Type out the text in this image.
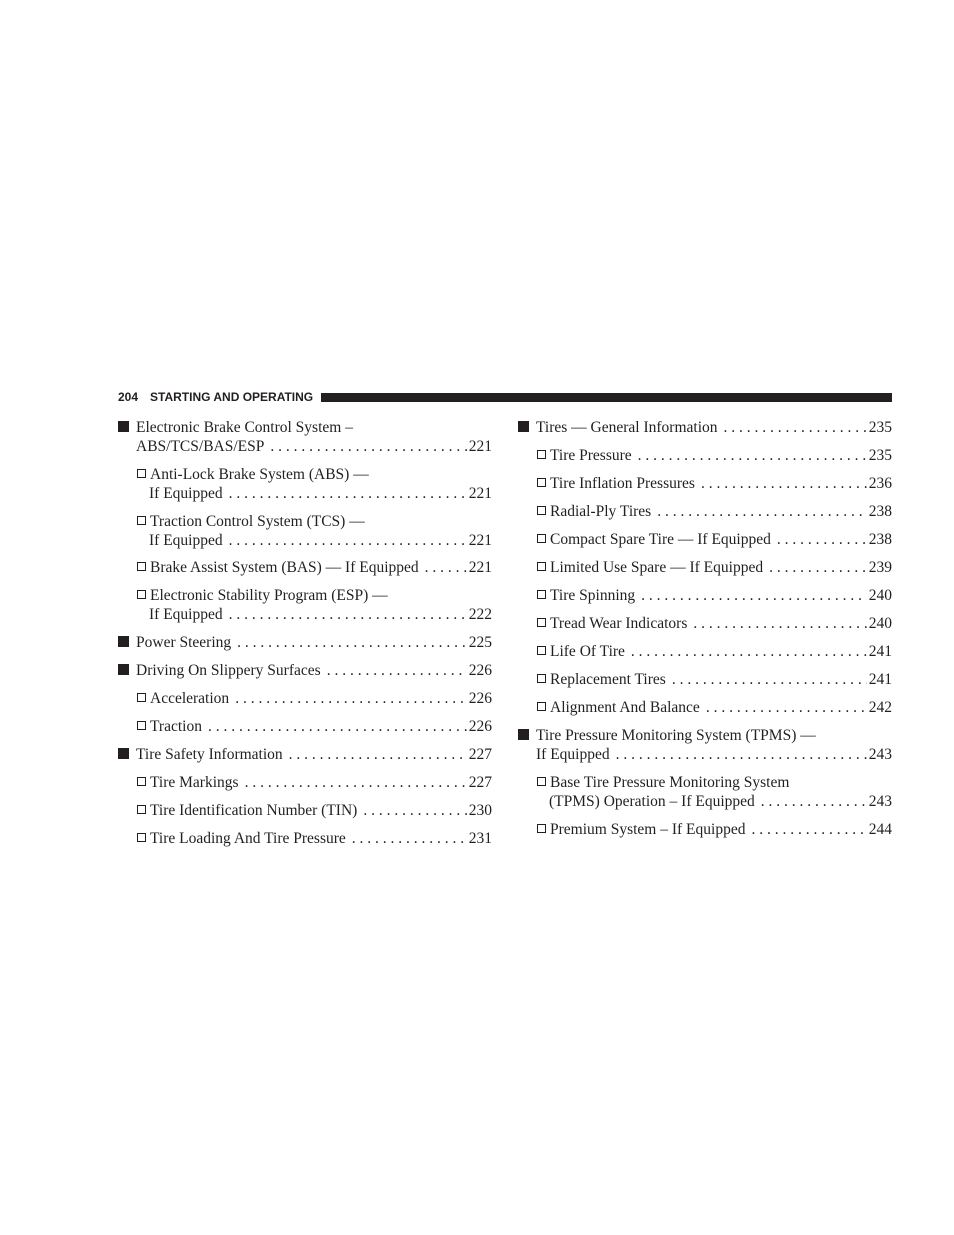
204 STARTING AND OPERATING
Electronic Brake Control System –
ABS/TCS/BAS/ESP . . .	221
Anti-Lock Brake System (ABS) —
If Equipped . . .	221
Traction Control System (TCS) —
If Equipped . . .	221
Brake Assist System (BAS) — If Equipped . . .	221
Electronic Stability Program (ESP) —
If Equipped . . .	222
Power Steering . . .	225
Driving On Slippery Surfaces . . .	226
Acceleration . . .	226
Traction . . .	226
Tire Safety Information . . .	227
Tire Markings . . .	227
Tire Identification Number (TIN) . . .	230
Tire Loading And Tire Pressure . . .	231
Tires — General Information . . .	235
Tire Pressure . . .	235
Tire Inflation Pressures . . .	236
Radial-Ply Tires . . .	238
Compact Spare Tire — If Equipped . . .	238
Limited Use Spare — If Equipped . . .	239
Tire Spinning . . .	240
Tread Wear Indicators . . .	240
Life Of Tire . . .	241
Replacement Tires . . .	241
Alignment And Balance . . .	242
Tire Pressure Monitoring System (TPMS) —
If Equipped . . .	243
Base Tire Pressure Monitoring System
(TPMS) Operation – If Equipped . . .	243
Premium System – If Equipped . . .	244
